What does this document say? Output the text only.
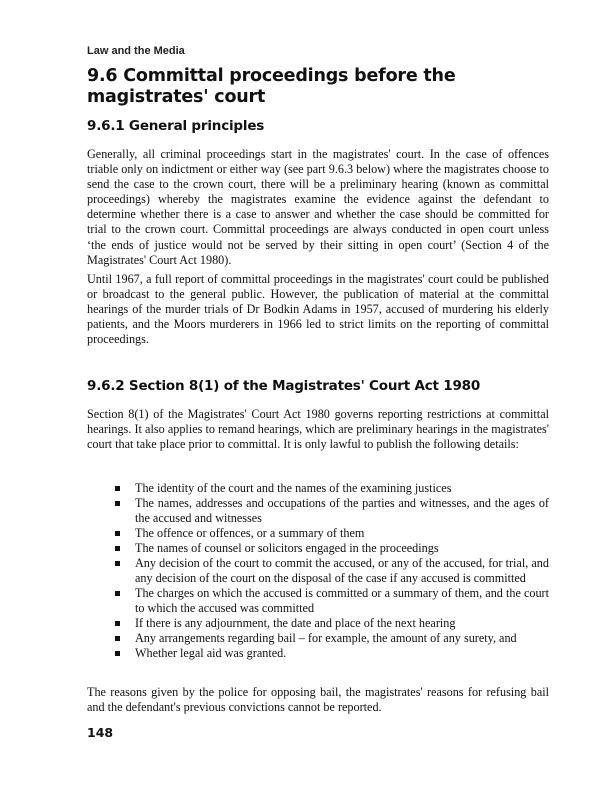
Law and the Media
9.6 Committal proceedings before the magistrates' court
9.6.1 General principles

Generally, all criminal proceedings start in the magistrates' court. In the case of offences triable only on indictment or either way (see part 9.6.3 below) where the magistrates choose to send the case to the crown court, there will be a preliminary hearing (known as committal proceedings) whereby the magistrates examine the evidence against the defendant to determine whether there is a case to answer and whether the case should be committed for trial to the crown court. Committal proceedings are always conducted in open court unless ‘the ends of justice would not be served by their sitting in open court’ (Section 4 of the Magistrates' Court Act 1980).

Until 1967, a full report of committal proceedings in the magistrates' court could be published or broadcast to the general public. However, the publication of material at the committal hearings of the murder trials of Dr Bodkin Adams in 1957, accused of murdering his elderly patients, and the Moors murderers in 1966 led to strict limits on the reporting of committal proceedings.

9.6.2 Section 8(1) of the Magistrates' Court Act 1980

Section 8(1) of the Magistrates' Court Act 1980 governs reporting restrictions at committal hearings. It also applies to remand hearings, which are preliminary hearings in the magistrates' court that take place prior to committal. It is only lawful to publish the following details:

The identity of the court and the names of the examining justices
The names, addresses and occupations of the parties and witnesses, and the ages of the accused and witnesses
The offence or offences, or a summary of them
The names of counsel or solicitors engaged in the proceedings
Any decision of the court to commit the accused, or any of the accused, for trial, and any decision of the court on the disposal of the case if any accused is committed
The charges on which the accused is committed or a summary of them, and the court to which the accused was committed
If there is any adjournment, the date and place of the next hearing
Any arrangements regarding bail – for example, the amount of any surety, and
Whether legal aid was granted.

The reasons given by the police for opposing bail, the magistrates' reasons for refusing bail and the defendant's previous convictions cannot be reported.

148
